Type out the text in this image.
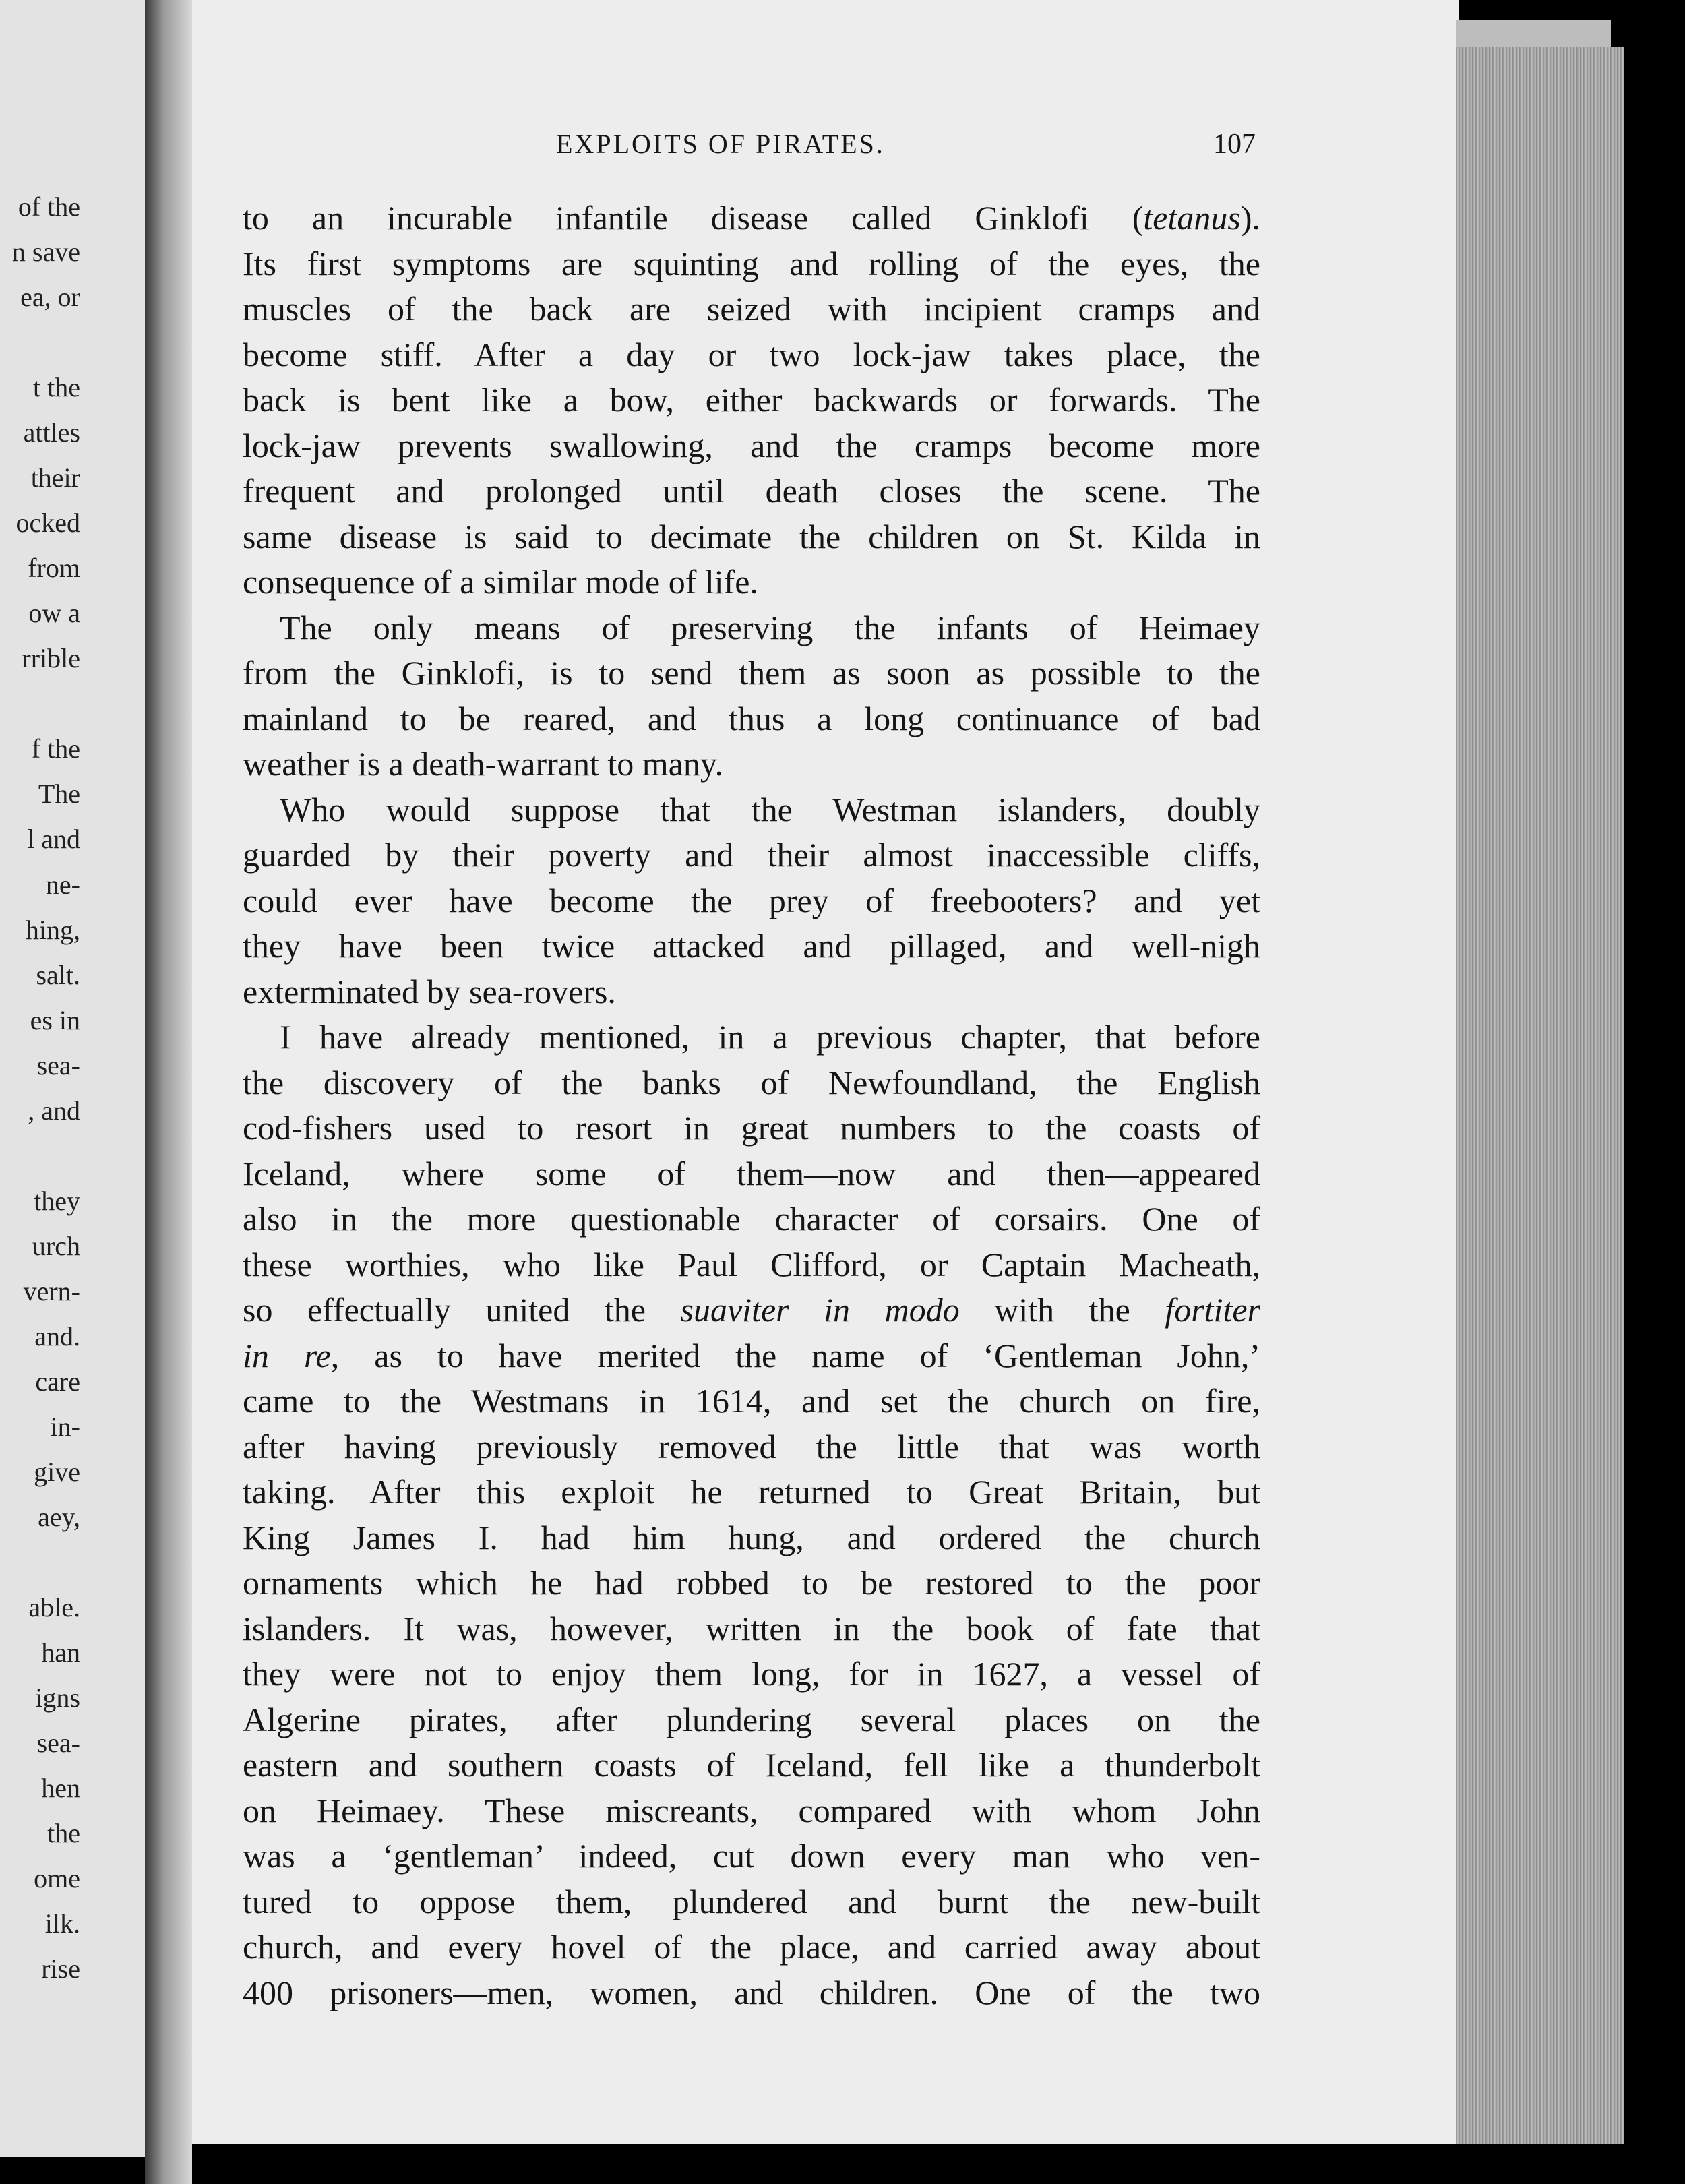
of the
n save
ea, or
t the
attles
their
ocked
from
ow a
rrible
f the
The
l and
ne-
hing,
salt.
es in
sea-
, and
they
urch
vern-
and.
care
in-
give
aey,
able.
han
igns
sea-
hen
the
ome
ilk.
rise
EXPLOITS OF PIRATES.	107
to an incurable infantile disease called Ginklofi (tetanus).
Its first symptoms are squinting and rolling of the eyes, the
muscles of the back are seized with incipient cramps and
become stiff. After a day or two lock-jaw takes place, the
back is bent like a bow, either backwards or forwards. The
lock-jaw prevents swallowing, and the cramps become more
frequent and prolonged until death closes the scene. The
same disease is said to decimate the children on St. Kilda in
consequence of a similar mode of life.
The only means of preserving the infants of Heimaey
from the Ginklofi, is to send them as soon as possible to the
mainland to be reared, and thus a long continuance of bad
weather is a death-warrant to many.
Who would suppose that the Westman islanders, doubly
guarded by their poverty and their almost inaccessible cliffs,
could ever have become the prey of freebooters? and yet
they have been twice attacked and pillaged, and well-nigh
exterminated by sea-rovers.
I have already mentioned, in a previous chapter, that before
the discovery of the banks of Newfoundland, the English
cod-fishers used to resort in great numbers to the coasts of
Iceland, where some of them—now and then—appeared
also in the more questionable character of corsairs. One of
these worthies, who like Paul Clifford, or Captain Macheath,
so effectually united the suaviter in modo with the fortiter
in re, as to have merited the name of ‘Gentleman John,’
came to the Westmans in 1614, and set the church on fire,
after having previously removed the little that was worth
taking. After this exploit he returned to Great Britain, but
King James I. had him hung, and ordered the church
ornaments which he had robbed to be restored to the poor
islanders. It was, however, written in the book of fate that
they were not to enjoy them long, for in 1627, a vessel of
Algerine pirates, after plundering several places on the
eastern and southern coasts of Iceland, fell like a thunderbolt
on Heimaey. These miscreants, compared with whom John
was a ‘gentleman’ indeed, cut down every man who ven-
tured to oppose them, plundered and burnt the new-built
church, and every hovel of the place, and carried away about
400 prisoners—men, women, and children. One of the two
